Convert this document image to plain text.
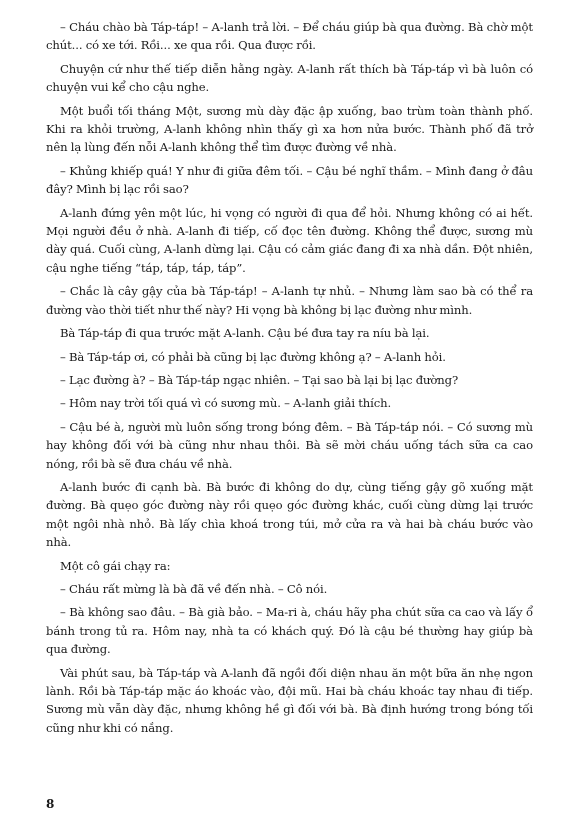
– Cháu chào bà Táp-táp! – A-lanh trả lời. – Để cháu giúp bà qua đường. Bà chờ một chút... có xe tới. Rồi... xe qua rồi. Qua được rồi.

Chuyện cứ như thế tiếp diễn hằng ngày. A-lanh rất thích bà Táp-táp vì bà luôn có chuyện vui kể cho cậu nghe.

Một buổi tối tháng Một, sương mù dày đặc ập xuống, bao trùm toàn thành phố. Khi ra khỏi trường, A-lanh không nhìn thấy gì xa hơn nửa bước. Thành phố đã trở nên lạ lùng đến nỗi A-lanh không thể tìm được đường về nhà.

– Khủng khiếp quá! Y như đi giữa đêm tối. – Cậu bé nghĩ thầm. – Mình đang ở đâu đây? Mình bị lạc rồi sao?

A-lanh đứng yên một lúc, hi vọng có người đi qua để hỏi. Nhưng không có ai hết. Mọi người đều ở nhà. A-lanh đi tiếp, cố đọc tên đường. Không thể được, sương mù dày quá. Cuối cùng, A-lanh dừng lại. Cậu có cảm giác đang đi xa nhà dần. Đột nhiên, cậu nghe tiếng “táp, táp, táp, táp”.

– Chắc là cây gậy của bà Táp-táp! – A-lanh tự nhủ. – Nhưng làm sao bà có thể ra đường vào thời tiết như thế này? Hi vọng bà không bị lạc đường như mình.

Bà Táp-táp đi qua trước mặt A-lanh. Cậu bé đưa tay ra níu bà lại.

– Bà Táp-táp ơi, có phải bà cũng bị lạc đường không ạ? – A-lanh hỏi.

– Lạc đường à? – Bà Táp-táp ngạc nhiên. – Tại sao bà lại bị lạc đường?

– Hôm nay trời tối quá vì có sương mù. – A-lanh giải thích.

– Cậu bé à, người mù luôn sống trong bóng đêm. – Bà Táp-táp nói. – Có sương mù hay không đối với bà cũng như nhau thôi. Bà sẽ mời cháu uống tách sữa ca cao nóng, rồi bà sẽ đưa cháu về nhà.

A-lanh bước đi cạnh bà. Bà bước đi không do dự, cùng tiếng gậy gõ xuống mặt đường. Bà quẹo góc đường này rồi quẹo góc đường khác, cuối cùng dừng lại trước một ngôi nhà nhỏ. Bà lấy chìa khoá trong túi, mở cửa ra và hai bà cháu bước vào nhà.

Một cô gái chạy ra:

– Cháu rất mừng là bà đã về đến nhà. – Cô nói.

– Bà không sao đâu. – Bà già bảo. – Ma-ri à, cháu hãy pha chút sữa ca cao và lấy ổ bánh trong tủ ra. Hôm nay, nhà ta có khách quý. Đó là cậu bé thường hay giúp bà qua đường.

Vài phút sau, bà Táp-táp và A-lanh đã ngồi đối diện nhau ăn một bữa ăn nhẹ ngon lành. Rồi bà Táp-táp mặc áo khoác vào, đội mũ. Hai bà cháu khoác tay nhau đi tiếp. Sương mù vẫn dày đặc, nhưng không hề gì đối với bà. Bà định hướng trong bóng tối cũng như khi có nắng.

8
